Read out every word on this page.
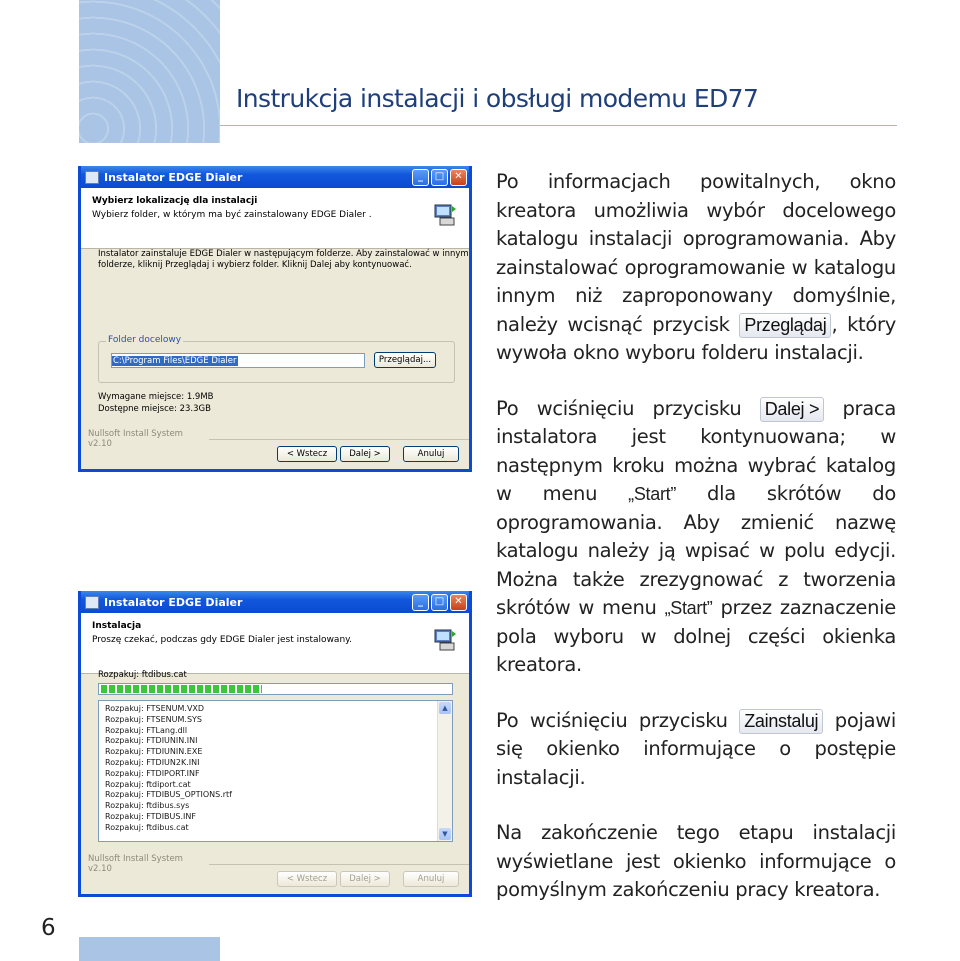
Instrukcja instalacji i obsługi modemu ED77
6
Instalator EDGE Dialer	_	□	✕
Wybierz lokalizację dla instalacji
Wybierz folder, w którym ma być zainstalowany EDGE Dialer .
Instalator zainstaluje EDGE Dialer w następującym folderze. Aby zainstalować w innym
folderze, kliknij Przeglądaj i wybierz folder. Kliknij Dalej aby kontynuować.
Folder docelowy
C:\Program Files\EDGE Dialer	Przeglądaj...
Wymagane miejsce: 1.9MB
Dostępne miejsce: 23.3GB
Nullsoft Install System v2.10
< Wstecz	Dalej >	Anuluj
Instalator EDGE Dialer	_	□	✕
Instalacja
Proszę czekać, podczas gdy EDGE Dialer jest instalowany.
Rozpakuj: ftdibus.cat
Rozpakuj: FTSENUM.VXD
Rozpakuj: FTSENUM.SYS
Rozpakuj: FTLang.dll
Rozpakuj: FTDIUNIN.INI
Rozpakuj: FTDIUNIN.EXE
Rozpakuj: FTDIUN2K.INI
Rozpakuj: FTDIPORT.INF
Rozpakuj: ftdiport.cat
Rozpakuj: FTDIBUS_OPTIONS.rtf
Rozpakuj: ftdibus.sys
Rozpakuj: FTDIBUS.INF
Rozpakuj: ftdibus.cat
▲
▼
Nullsoft Install System v2.10
< Wstecz	Dalej >	Anuluj

Po informacjach powitalnych, okno kreatora umożliwia wybór docelowego katalogu instalacji oprogramowania. Aby zainstalować oprogramowanie w katalogu innym niż zaproponowany domyślnie, należy wcisnąć przycisk Przeglądaj , który wywoła okno wyboru folderu instalacji.

Po wciśnięciu przycisku Dalej > praca instalatora jest kontynuowana; w następnym kroku można wybrać katalog w menu „Start” dla skrótów do oprogramowania. Aby zmienić nazwę katalogu należy ją wpisać w polu edycji. Można także zrezygnować z tworzenia skrótów w menu „Start” przez zaznaczenie pola wyboru w dolnej części okienka kreatora.

Po wciśnięciu przycisku Zainstaluj pojawi się okienko informujące o postępie instalacji.

Na zakończenie tego etapu instalacji wyświetlane jest okienko informujące o pomyślnym zakończeniu pracy kreatora.
